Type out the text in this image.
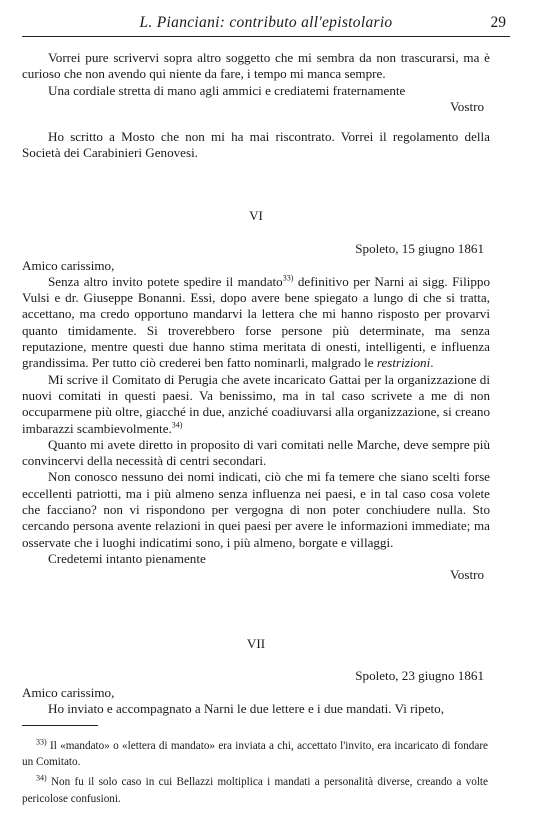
L. Pianciani: contributo all'epistolario	29

Vorrei pure scrivervi sopra altro soggetto che mi sembra da non trascurarsi, ma è curioso che non avendo qui niente da fare, i tempo mi manca sempre.

Una cordiale stretta di mano agli ammici e crediatemi fraternamente

Vostro

Ho scritto a Mosto che non mi ha mai riscontrato. Vorrei il regolamento della Società dei Carabinieri Genovesi.

VI

Spoleto, 15 giugno 1861

Amico carissimo,

Senza altro invito potete spedire il mandato$^{33)}$ definitivo per Narni ai sigg. Filippo Vulsi e dr. Giuseppe Bonanni. Essi, dopo avere bene spiegato a lungo di che si tratta, accettano, ma credo opportuno mandarvi la lettera che mi hanno risposto per provarvi quanto timidamente. Si troverebbero forse persone più determinate, ma senza reputazione, mentre questi due hanno stima meritata di onesti, intelligenti, e influenza grandissima. Per tutto ciò crederei ben fatto nominarli, malgrado le restrizioni.

Mi scrive il Comitato di Perugia che avete incaricato Gattai per la organizzazione di nuovi comitati in questi paesi. Va benissimo, ma in tal caso scrivete a me di non occuparmene più oltre, giacché in due, anziché coadiuvarsi alla organizzazione, si creano imbarazzi scambievolmente.$^{34)}$

Quanto mi avete diretto in proposito di vari comitati nelle Marche, deve sempre più convincervi della necessità di centri secondari.

Non conosco nessuno dei nomi indicati, ciò che mi fa temere che siano scelti forse eccellenti patriotti, ma i più almeno senza influenza nei paesi, e in tal caso cosa volete che facciano? non vi rispondono per vergogna di non poter conchiudere nulla. Sto cercando persona avente relazioni in quei paesi per avere le informazioni immediate; ma osservate che i luoghi indicatimi sono, i più almeno, borgate e villaggi.

Credetemi intanto pienamente

Vostro

VII

Spoleto, 23 giugno 1861

Amico carissimo,

Ho inviato e accompagnato a Narni le due lettere e i due mandati. Vi ripeto,

$^{33)}$ Il «mandato» o «lettera di mandato» era inviata a chi, accettato l'invito, era incaricato di fondare un Comitato.

$^{34)}$ Non fu il solo caso in cui Bellazzi moltiplica i mandati a personalità diverse, creando a volte pericolose confusioni.
